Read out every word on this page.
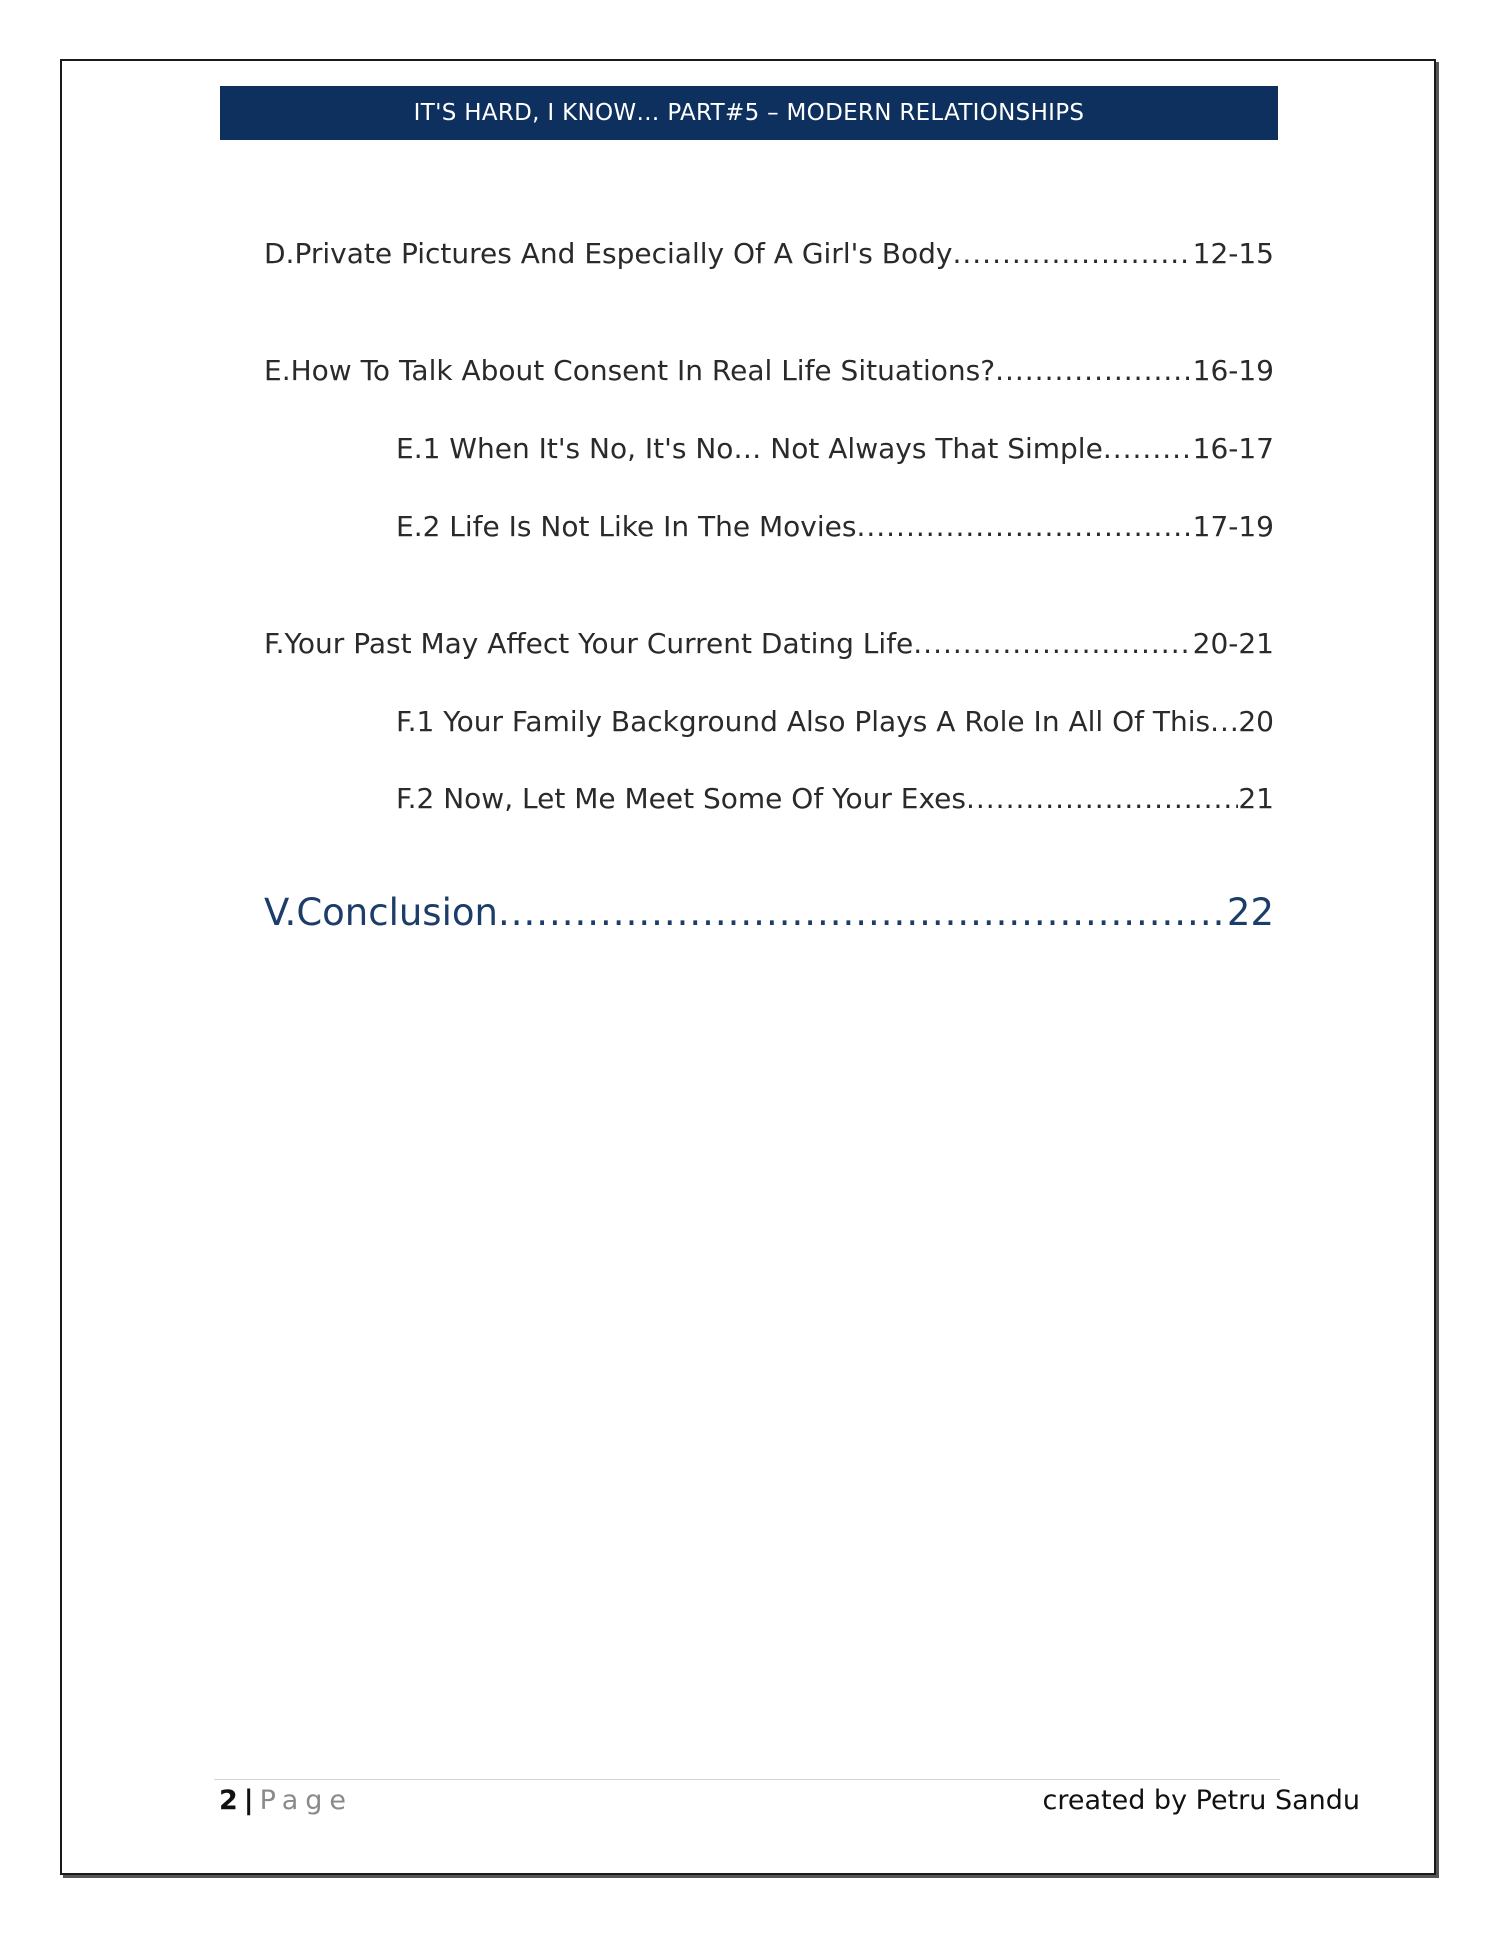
IT'S HARD, I KNOW… PART#5 – MODERN RELATIONSHIPS
D. Private Pictures And Especially Of A Girl's Body .....	12-15
E. How To Talk About Consent In Real Life Situations? .....	16-19
E.1 When It's No, It's No… Not Always That Simple .....	16-17
E.2 Life Is Not Like In The Movies .....	17-19
F. Your Past May Affect Your Current Dating Life .....	20-21
F.1 Your Family Background Also Plays A Role In All Of This ..... 20
F.2 Now, Let Me Meet Some Of Your Exes .....	21
V. Conclusion .....	22
2 | Page	created by Petru Sandu
